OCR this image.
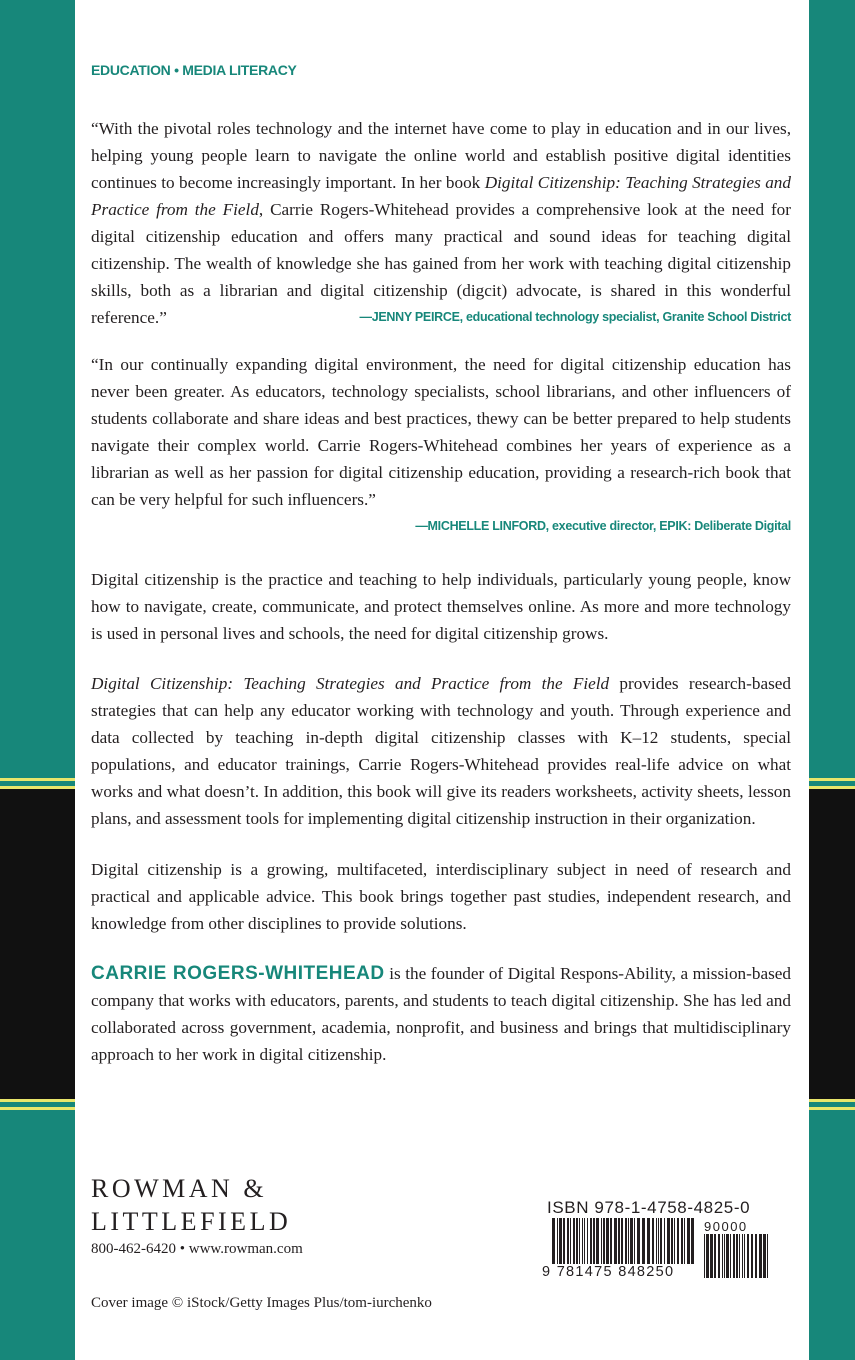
EDUCATION • MEDIA LITERACY
“With the pivotal roles technology and the internet have come to play in education and in our lives, helping young people learn to navigate the online world and establish positive digital identities continues to become increasingly important. In her book Digital Citizenship: Teaching Strategies and Practice from the Field, Carrie Rogers-Whitehead provides a comprehensive look at the need for digital citizenship education and offers many practical and sound ideas for teaching digital citizenship. The wealth of knowledge she has gained from her work with teaching digital citizenship skills, both as a librarian and digital citizenship (digcit) advocate, is shared in this wonderful reference.”	—JENNY PEIRCE, educational technology specialist, Granite School District
“In our continually expanding digital environment, the need for digital citizenship education has never been greater. As educators, technology specialists, school librarians, and other influencers of students collaborate and share ideas and best practices, thewy can be better prepared to help students navigate their complex world. Carrie Rogers-Whitehead combines her years of experience as a librarian as well as her passion for digital citizenship education, providing a research-rich book that can be very helpful for such influencers.”
—MICHELLE LINFORD, executive director, EPIK: Deliberate Digital
Digital citizenship is the practice and teaching to help individuals, particularly young people, know how to navigate, create, communicate, and protect themselves online. As more and more technology is used in personal lives and schools, the need for digital citizenship grows.
Digital Citizenship: Teaching Strategies and Practice from the Field provides research-based strategies that can help any educator working with technology and youth. Through experience and data collected by teaching in-depth digital citizenship classes with K–12 students, special populations, and educator trainings, Carrie Rogers-Whitehead provides real-life advice on what works and what doesn’t. In addition, this book will give its readers worksheets, activity sheets, lesson plans, and assessment tools for implementing digital citizenship instruction in their organization.
Digital citizenship is a growing, multifaceted, interdisciplinary subject in need of research and practical and applicable advice. This book brings together past studies, independent research, and knowledge from other disciplines to provide solutions.
CARRIE ROGERS-WHITEHEAD is the founder of Digital Respons-Ability, a mission-based company that works with educators, parents, and students to teach digital citizenship. She has led and collaborated across government, academia, nonprofit, and business and brings that multidisciplinary approach to her work in digital citizenship.
ROWMAN &
LITTLEFIELD
800-462-6420 • www.rowman.com
Cover image © iStock/Getty Images Plus/tom-iurchenko
ISBN 978-1-4758-4825-0
90000
9 781475 848250
